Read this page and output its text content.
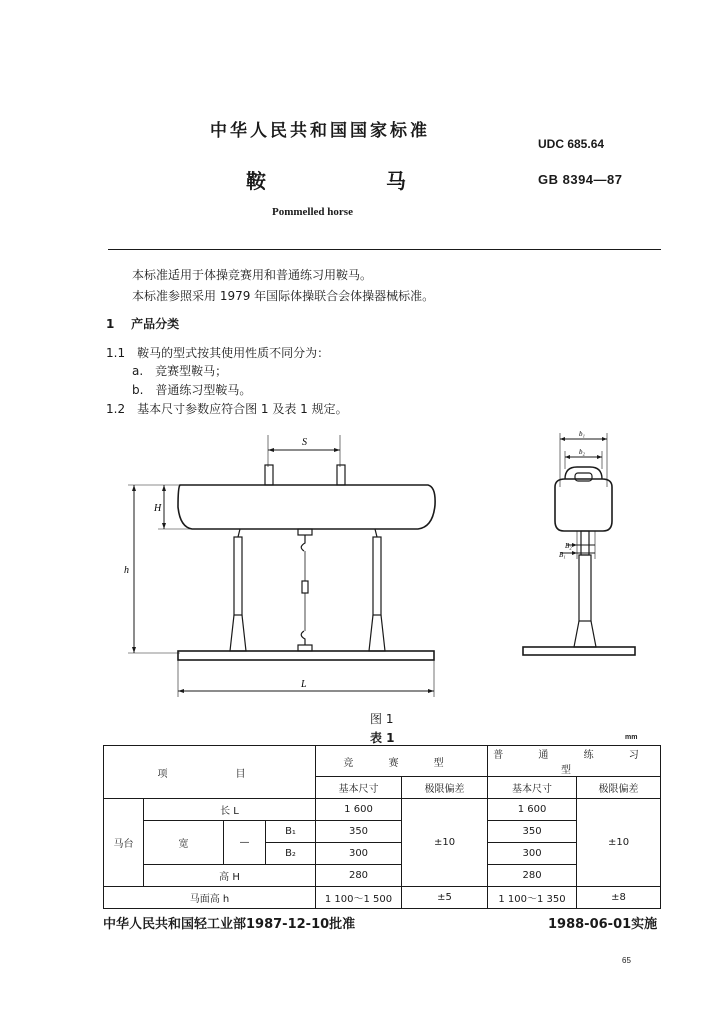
中华人民共和国国家标准
UDC 685.64
鞍	马	GB 8394—87
Pommelled horse
本标准适用于体操竞赛用和普通练习用鞍马。
本标准参照采用 1979 年国际体操联合会体操器械标准。
1 产品分类
1.1　鞍马的型式按其使用性质不同分为：
a.　竞赛型鞍马；
b.　普通练习型鞍马。
1.2　基本尺寸参数应符合图 1 及表 1 规定。
S
H
h
L
b₁
b₂
B₂
B₁
图 1
表 1	mm
项　　目				竞 赛 型		普 通 练 习 型	
				基本尺寸	极限偏差	基本尺寸	极限偏差
马台	长 L			1 600	±10	1 600	±10
	宽	—	B₁	350		350	
			B₂	300		300	
	高 H			280		280	
马面高 h				1 100～1 500	±5	1 100～1 350	±8
中华人民共和国轻工业部1987-12-10批准	1988-06-01实施
65
